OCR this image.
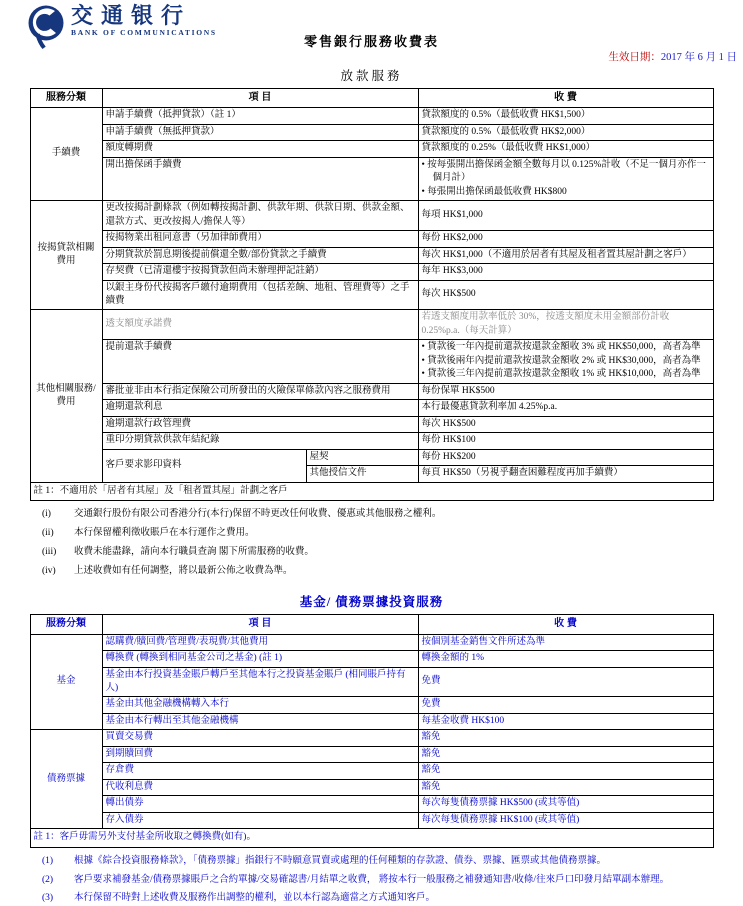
交通银行
BANK OF COMMUNICATIONS
零售銀行服務收費表
生效日期：2017 年 6 月 1 日
放款服務
服務分類	項 目		收 費
手續費	申請手續費（抵押貸款）（註 1）		貸款額度的 0.5%（最低收費 HK$1,500）
	申請手續費（無抵押貸款）		貸款額度的 0.5%（最低收費 HK$2,000）
	額度轉期費		貸款額度的 0.25%（最低收費 HK$1,000）
	開出擔保函手續費		• 按每張開出擔保函金額全數每月以 0.125%計收（不足一個月亦作一個月計）
• 每張開出擔保函最低收費 HK$800

按揭貸款相關費用	更改按揭計劃條款（例如轉按揭計劃、供款年期、供款日期、供款金額、還款方式、更改按揭人/擔保人等）		每項 HK$1,000
	按揭物業出租同意書（另加律師費用）		每份 HK$2,000
	分期貸款於罰息期後提前償還全數/部份貸款之手續費		每次 HK$1,000（不適用於居者有其屋及租者置其屋計劃之客戶）
	存契費（已清還樓宇按揭貸款但尚未辦理押記註銷）		每年 HK$3,000
	以銀主身份代按揭客戶繳付逾期費用（包括差餉、地租、管理費等）之手續費		每次 HK$500
其他相關服務/費用	透支額度承諾費		若透支額度用款率低於 30%，按透支額度未用金額部份計收 0.25%p.a.（每天計算）
	提前還款手續費		• 貸款後一年內提前還款按還款金額收 3% 或 HK$50,000，高者為準
• 貸款後兩年內提前還款按還款金額收 2% 或 HK$30,000，高者為準
• 貸款後三年內提前還款按還款金額收 1% 或 HK$10,000，高者為準

	審批並非由本行指定保險公司所發出的火險保單條款內容之服務費用		每份保單 HK$500
	逾期還款利息		本行最優惠貸款利率加 4.25%p.a.
	逾期還款行政管理費		每次 HK$500
	重印分期貸款供款年結紀錄		每份 HK$100
	客戶要求影印資料	屋契	每份 HK$200
		其他授信文件	每頁 HK$50（另視乎翻查困難程度再加手續費）
註 1：不適用於「居者有其屋」及「租者置其屋」計劃之客戶			
(i)	交通銀行股份有限公司香港分行(本行)保留不時更改任何收費、優惠或其他服務之權利。
(ii)	本行保留權利徵收賬戶在本行運作之費用。
(iii)	收費未能盡錄，請向本行職員查詢 閣下所需服務的收費。
(iv)	上述收費如有任何調整，將以最新公佈之收費為準。
基金/ 債務票據投資服務
服務分類	項 目	收 費
基金	認購費/贖回費/管理費/表現費/其他費用	按個別基金銷售文件所述為準
	轉換費 (轉換到相同基金公司之基金) (註 1)	轉換金額的 1%
	基金由本行投資基金賬戶轉戶至其他本行之投資基金賬戶 (相同賬戶持有人)	免費
	基金由其他金融機構轉入本行	免費
	基金由本行轉出至其他金融機構	每基金收費 HK$100
債務票據	買賣交易費	豁免
	到期贖回費	豁免
	存倉費	豁免
	代收利息費	豁免
	轉出債券	每次每隻債務票據 HK$500 (或其等值)
	存入債券	每次每隻債務票據 HK$100 (或其等值)
註 1：客戶毋需另外支付基金所收取之轉換費(如有)。		
(1)	根據《綜合投資服務條款》，「債務票據」指銀行不時願意買賣或處理的任何種類的存款證、債券、票據、匯票或其他債務票據。
(2)	客戶要求補發基金/債務票據賬戶之合約單據/交易確認書/月結單之收費， 將按本行一般服務之補發通知書/收條/往來戶口印發月結單副本辦理。
(3)	本行保留不時對上述收費及服務作出調整的權利，並以本行認為適當之方式通知客戶。
